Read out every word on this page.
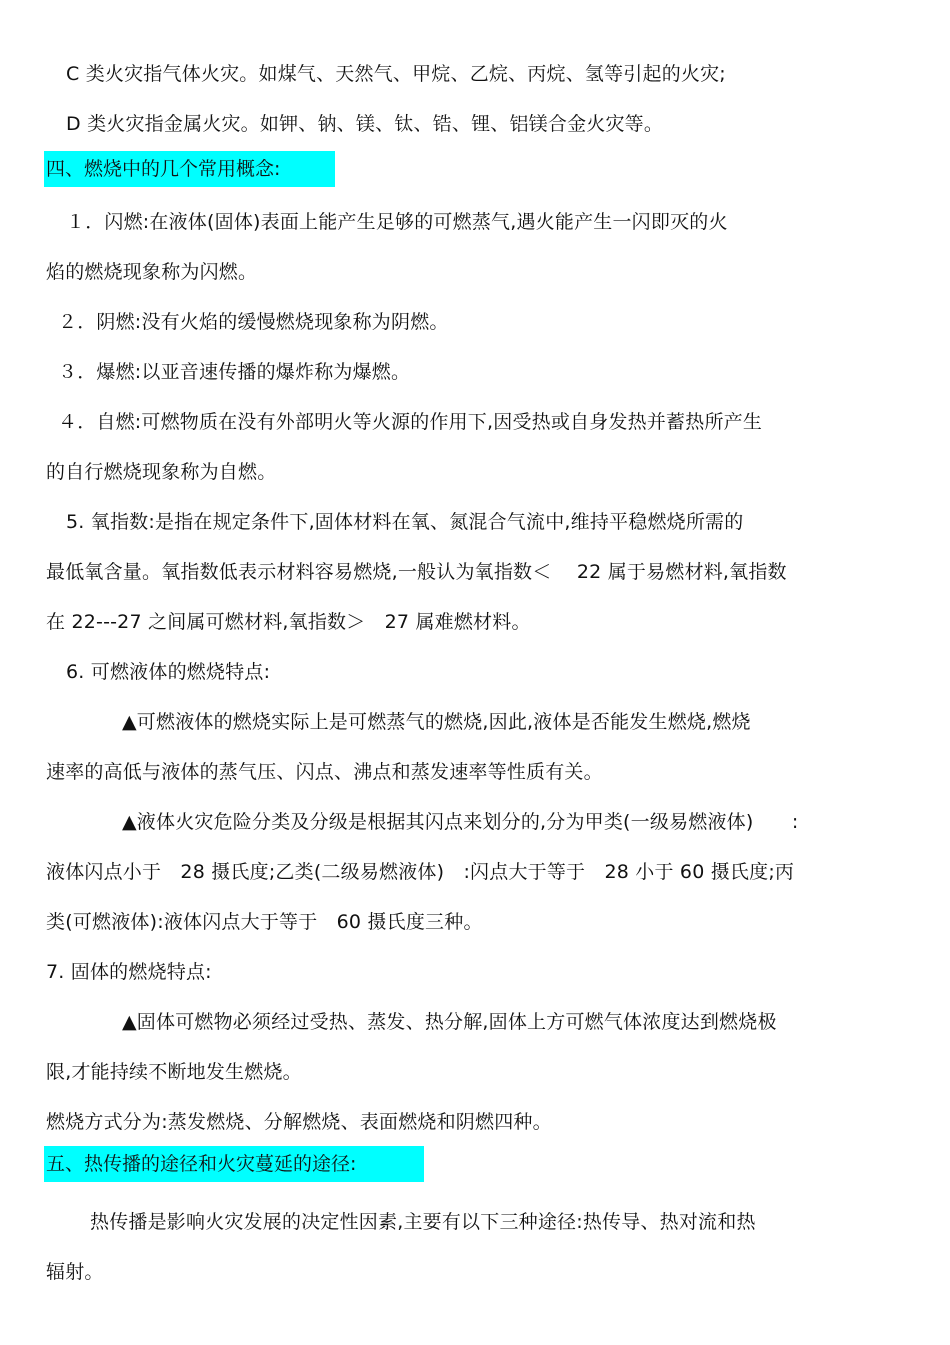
C 类火灾指气体火灾。如煤气、天然气、甲烷、乙烷、丙烷、氢等引起的火灾;
D 类火灾指金属火灾。如钾、钠、镁、钛、锆、锂、铝镁合金火灾等。
四、燃烧中的几个常用概念:
１．闪燃:在液体(固体)表面上能产生足够的可燃蒸气,遇火能产生一闪即灭的火
焰的燃烧现象称为闪燃。
２．阴燃:没有火焰的缓慢燃烧现象称为阴燃。
３．爆燃:以亚音速传播的爆炸称为爆燃。
４．自燃:可燃物质在没有外部明火等火源的作用下,因受热或自身发热并蓄热所产生
的自行燃烧现象称为自燃。
5. 氧指数:是指在规定条件下,固体材料在氧、氮混合气流中,维持平稳燃烧所需的
最低氧含量。氧指数低表示材料容易燃烧,一般认为氧指数＜　 22 属于易燃材料,氧指数
在 22---27 之间属可燃材料,氧指数＞　27 属难燃材料。
6. 可燃液体的燃烧特点:
▲可燃液体的燃烧实际上是可燃蒸气的燃烧,因此,液体是否能发生燃烧,燃烧
速率的高低与液体的蒸气压、闪点、沸点和蒸发速率等性质有关。
▲液体火灾危险分类及分级是根据其闪点来划分的,分为甲类(一级易燃液体)　　:
液体闪点小于　28 摄氏度;乙类(二级易燃液体)　:闪点大于等于　28 小于 60 摄氏度;丙
类(可燃液体):液体闪点大于等于　60 摄氏度三种。
7. 固体的燃烧特点:
▲固体可燃物必须经过受热、蒸发、热分解,固体上方可燃气体浓度达到燃烧极
限,才能持续不断地发生燃烧。
燃烧方式分为:蒸发燃烧、分解燃烧、表面燃烧和阴燃四种。
五、热传播的途径和火灾蔓延的途径:
热传播是影响火灾发展的决定性因素,主要有以下三种途径:热传导、热对流和热
辐射。
